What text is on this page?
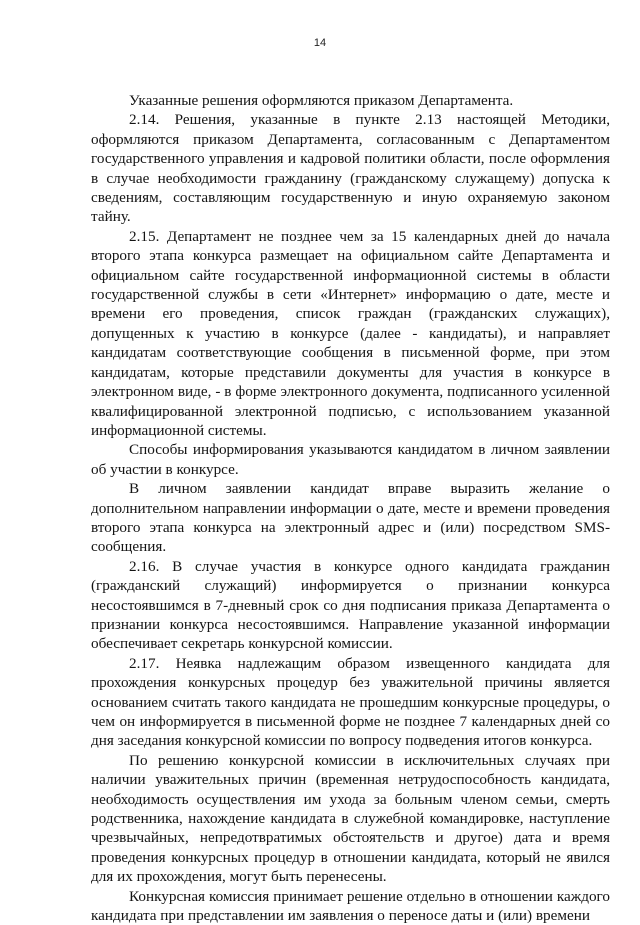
14

Указанные решения оформляются приказом Департамента.

2.14. Решения, указанные в пункте 2.13 настоящей Методики, оформляются приказом Департамента, согласованным с Департаментом государственного управления и кадровой политики области, после оформления в случае необходимости гражданину (гражданскому служащему) допуска к сведениям, составляющим государственную и иную охраняемую законом тайну.

2.15. Департамент не позднее чем за 15 календарных дней до начала второго этапа конкурса размещает на официальном сайте Департамента и официальном сайте государственной информационной системы в области государственной службы в сети «Интернет» информацию о дате, месте и времени его проведения, список граждан (гражданских служащих), допущенных к участию в конкурсе (далее - кандидаты), и направляет кандидатам соответствующие сообщения в письменной форме, при этом кандидатам, которые представили документы для участия в конкурсе в электронном виде, - в форме электронного документа, подписанного усиленной квалифицированной электронной подписью, с использованием указанной информационной системы.

Способы информирования указываются кандидатом в личном заявлении об участии в конкурсе.

В личном заявлении кандидат вправе выразить желание о дополнительном направлении информации о дате, месте и времени проведения второго этапа конкурса на электронный адрес и (или) посредством SMS-сообщения.

2.16. В случае участия в конкурсе одного кандидата гражданин (гражданский служащий) информируется о признании конкурса несостоявшимся в 7-дневный срок со дня подписания приказа Департамента о признании конкурса несостоявшимся. Направление указанной информации обеспечивает секретарь конкурсной комиссии.

2.17. Неявка надлежащим образом извещенного кандидата для прохождения конкурсных процедур без уважительной причины является основанием считать такого кандидата не прошедшим конкурсные процедуры, о чем он информируется в письменной форме не позднее 7 календарных дней со дня заседания конкурсной комиссии по вопросу подведения итогов конкурса.

По решению конкурсной комиссии в исключительных случаях при наличии уважительных причин (временная нетрудоспособность кандидата, необходимость осуществления им ухода за больным членом семьи, смерть родственника, нахождение кандидата в служебной командировке, наступление чрезвычайных, непредотвратимых обстоятельств и другое) дата и время проведения конкурсных процедур в отношении кандидата, который не явился для их прохождения, могут быть перенесены.

Конкурсная комиссия принимает решение отдельно в отношении каждого кандидата при представлении им заявления о переносе даты и (или) времени
